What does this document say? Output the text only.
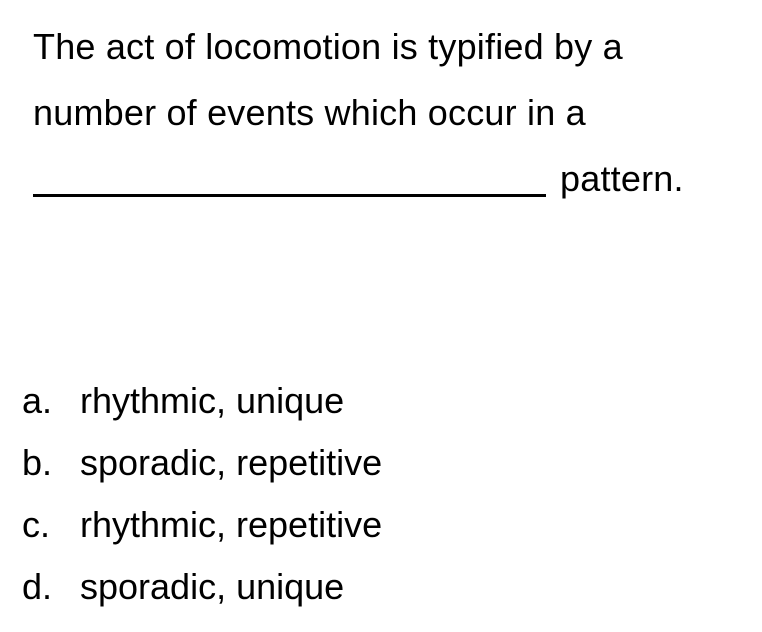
The act of locomotion is typified by a
number of events which occur in a
pattern.
a. rhythmic, unique
b. sporadic, repetitive
c. rhythmic, repetitive
d. sporadic, unique
